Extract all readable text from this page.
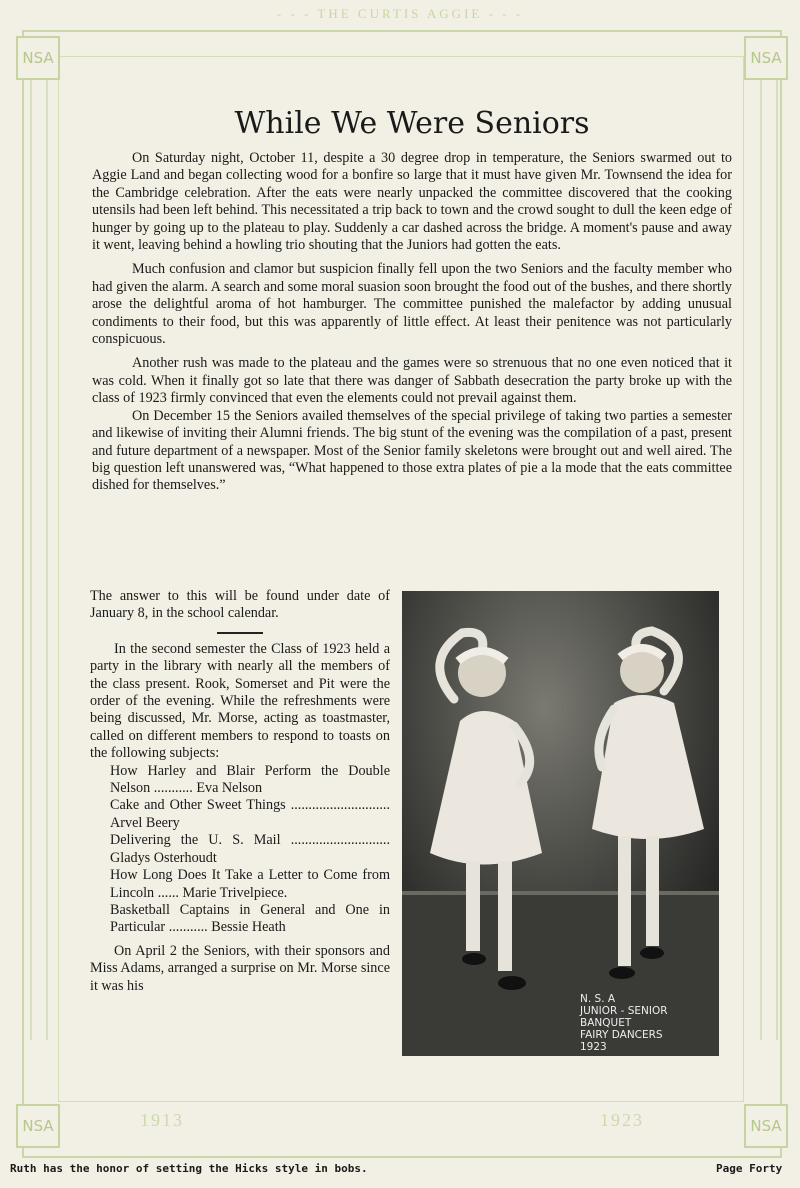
- - - THE CURTIS AGGIE - - -
NSA	NSA
NSA	NSA
1913	1923
While We Were Seniors

On Saturday night, October 11, despite a 30 degree drop in temperature, the Seniors swarmed out to Aggie Land and began collecting wood for a bonfire so large that it must have given Mr. Townsend the idea for the Cambridge celebration. After the eats were nearly unpacked the committee discovered that the cooking utensils had been left behind. This necessitated a trip back to town and the crowd sought to dull the keen edge of hunger by going up to the plateau to play. Suddenly a car dashed across the bridge. A moment's pause and away it went, leaving behind a howling trio shouting that the Juniors had gotten the eats.

Much confusion and clamor but suspicion finally fell upon the two Seniors and the faculty member who had given the alarm. A search and some moral suasion soon brought the food out of the bushes, and there shortly arose the delightful aroma of hot hamburger. The committee punished the malefactor by adding unusual condiments to their food, but this was apparently of little effect. At least their penitence was not particularly conspicuous.

Another rush was made to the plateau and the games were so strenuous that no one even noticed that it was cold. When it finally got so late that there was danger of Sabbath desecration the party broke up with the class of 1923 firmly convinced that even the elements could not prevail against them.

On December 15 the Seniors availed themselves of the special privilege of taking two parties a semester and likewise of inviting their Alumni friends. The big stunt of the evening was the compilation of a past, present and future department of a newspaper. Most of the Senior family skeletons were brought out and well aired. The big question left unanswered was, “What happened to those extra plates of pie a la mode that the eats committee dished for themselves.”

The answer to this will be found under date of January 8, in the school calendar.

In the second semester the Class of 1923 held a party in the library with nearly all the members of the class present. Rook, Somerset and Pit were the order of the evening. While the refreshments were being discussed, Mr. Morse, acting as toastmaster, called on different members to respond to toasts on the following subjects:

How Harley and Blair Perform the Double Nelson ........... Eva Nelson

Cake and Other Sweet Things ............................ Arvel Beery

Delivering the U. S. Mail ............................ Gladys Osterhoudt

How Long Does It Take a Letter to Come from Lincoln ...... Marie Trivelpiece.

Basketball Captains in General and One in Particular ........... Bessie Heath

On April 2 the Seniors, with their sponsors and Miss Adams, arranged a surprise on Mr. Morse since it was his

N. S. A
JUNIOR - SENIOR
BANQUET
FAIRY DANCERS
1923
Ruth has the honor of setting the Hicks style in bobs.	Page Forty
